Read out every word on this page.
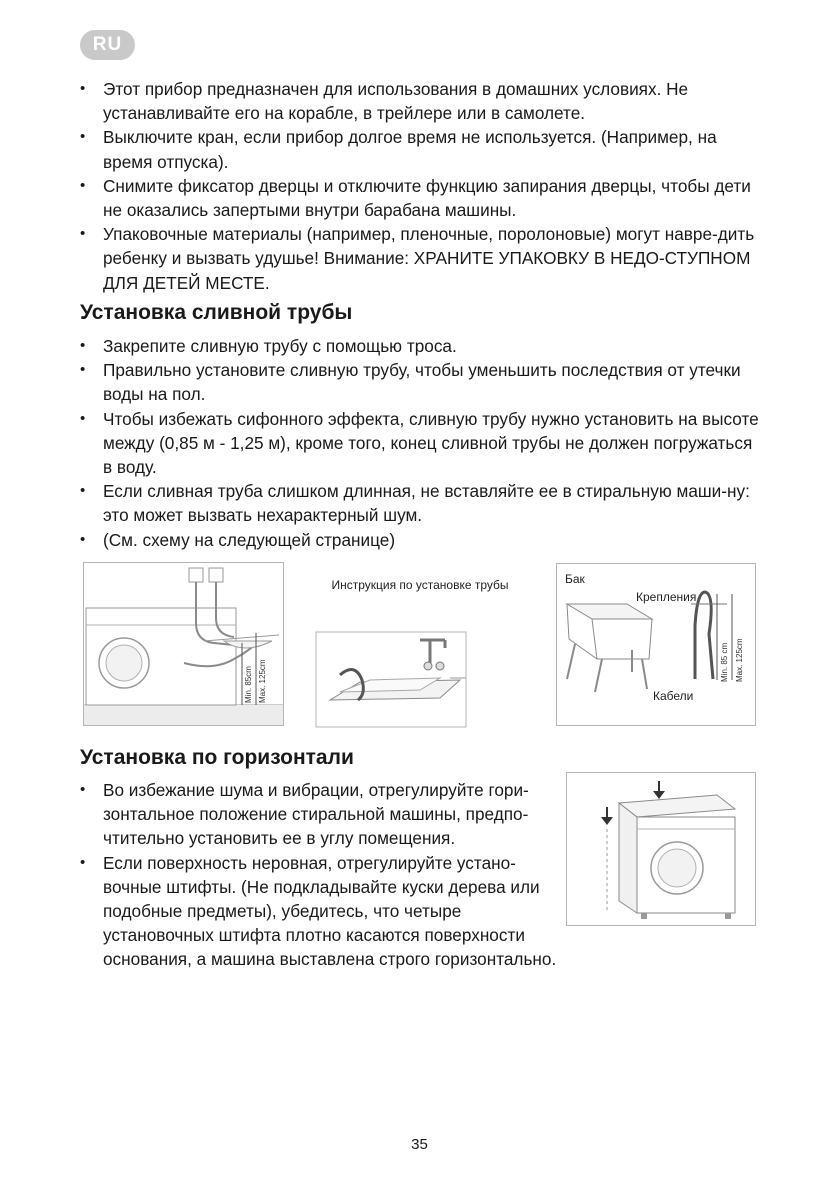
RU
• Этот прибор предназначен для использования в домашних условиях. Не устанавливайте его на корабле, в трейлере или в самолете.
• Выключите кран, если прибор долгое время не используется. (Например, на время отпуска).
• Снимите фиксатор дверцы и отключите функцию запирания дверцы, чтобы дети не оказались запертыми внутри барабана машины.
• Упаковочные материалы (например, пленочные, поролоновые) могут навре-дить ребенку и вызвать удушье! Внимание: ХРАНИТЕ УПАКОВКУ В НЕДО-СТУПНОМ ДЛЯ ДЕТЕЙ МЕСТЕ.
Установка сливной трубы
• Закрепите сливную трубу с помощью троса.
• Правильно установите сливную трубу, чтобы уменьшить последствия от утечки воды на пол.
• Чтобы избежать сифонного эффекта, сливную трубу нужно установить на высоте между (0,85 м - 1,25 м), кроме того, конец сливной трубы не должен погружаться в воду.
• Если сливная труба слишком длинная, не вставляйте ее в стиральную маши-ну: это может вызвать нехарактерный шум.
• (См. схему на следующей странице)
Min. 85cm Max. 125cm
Инструкция по установке трубы	Бак
Крепления
Кабели
Min. 85 cm Max. 125cm
Установка по горизонтали
• Во избежание шума и вибрации, отрегулируйте гори-зонтальное положение стиральной машины, предпо-чтительно установить ее в углу помещения.
• Если поверхность неровная, отрегулируйте устано-вочные штифты. (Не подкладывайте куски дерева или подобные предметы), убедитесь, что четыре установочных штифта плотно касаются поверхности основания, а машина выставлена строго горизонтально.
35
